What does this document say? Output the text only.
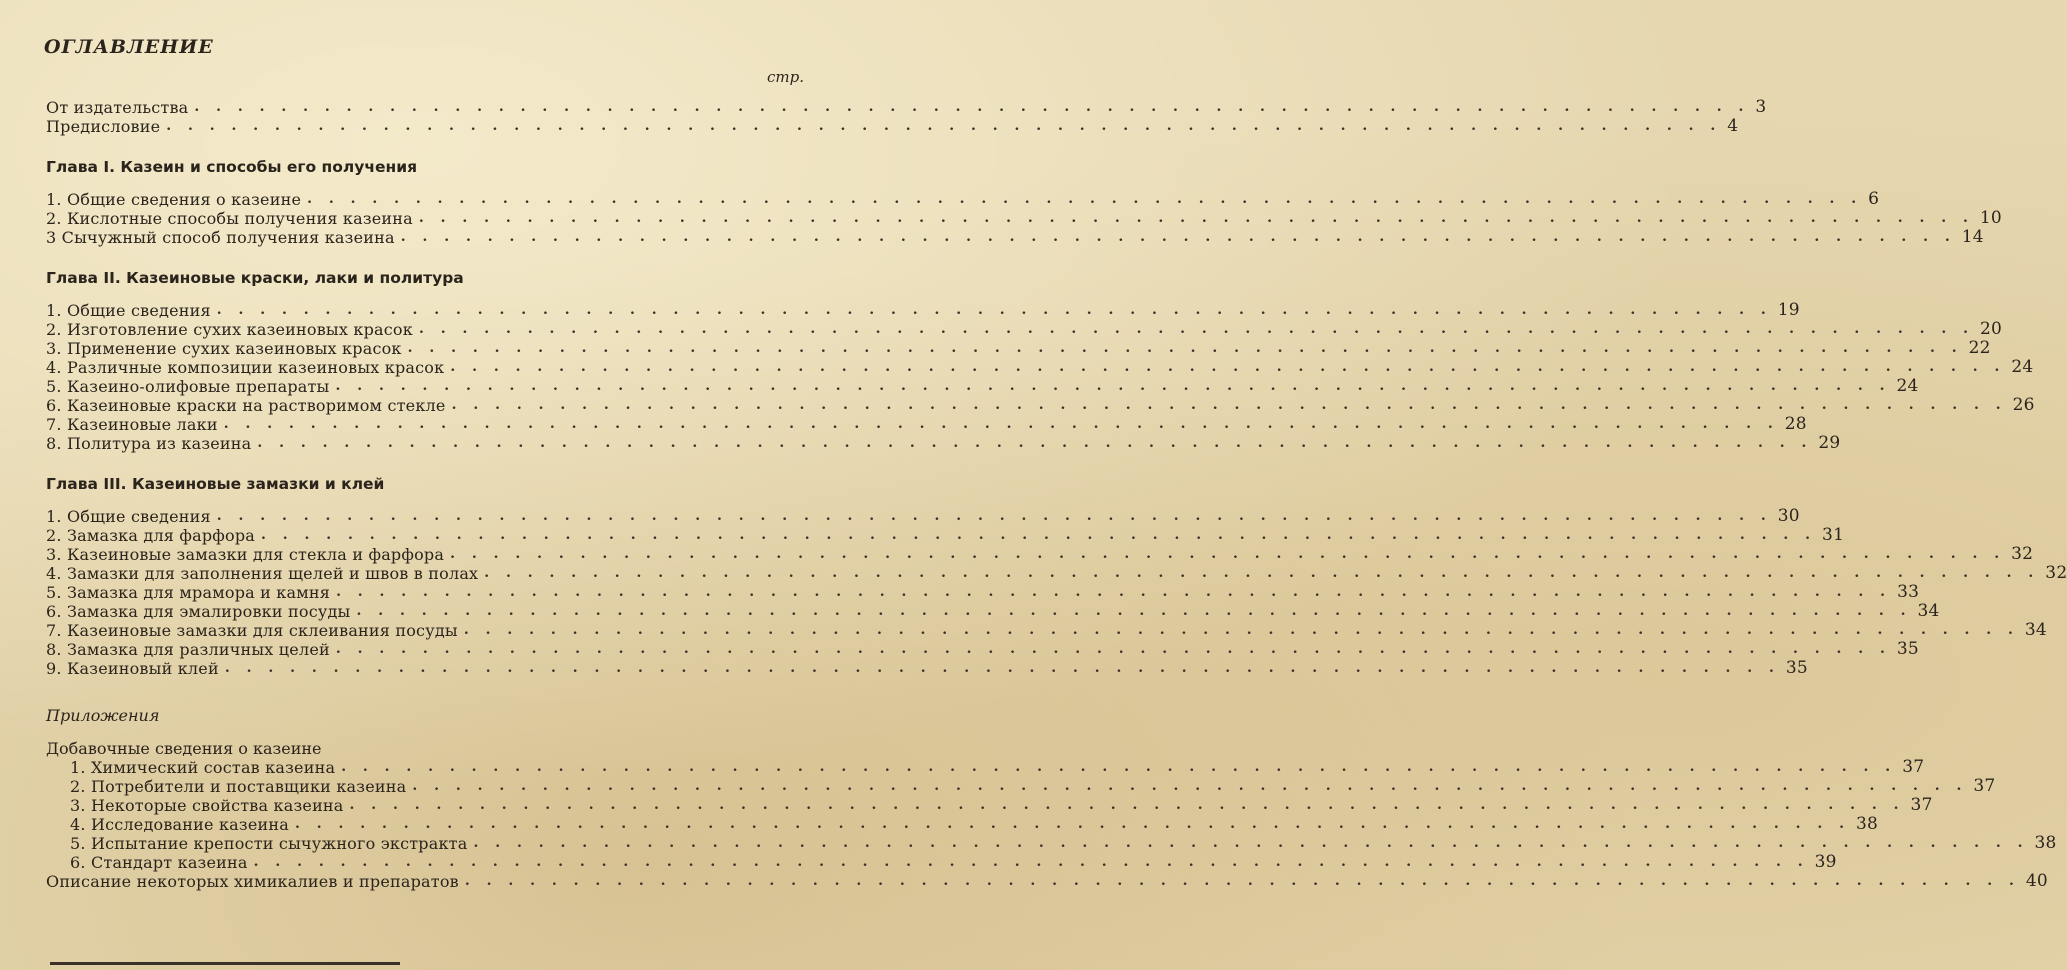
ОГЛАВЛЕНИЕ
стр.
От издательства . . . . . . . . . . . . . . . . . . . . . . . . . . . . . . . . . . . . . . . . . . . . . . . . . . . . . . . . . . . . . . . . . . . . . . . . 3
Предисловие . . . . . . . . . . . . . . . . . . . . . . . . . . . . . . . . . . . . . . . . . . . . . . . . . . . . . . . . . . . . . . . . . . . . . . . . 4
Глава I. Казеин и способы его получения
1. Общие сведения о казеине . . . . . . . . . . . . . . . . . . . . . . . . . . . . . . . . . . . . . . . . . . . . . . . . . . . . . . . . . . . . . . . . . . . . . . . . 6
2. Кислотные способы получения казеина . . . . . . . . . . . . . . . . . . . . . . . . . . . . . . . . . . . . . . . . . . . . . . . . . . . . . . . . . . . . . . . . . . . . . . . . 10
3 Сычужный способ получения казеина . . . . . . . . . . . . . . . . . . . . . . . . . . . . . . . . . . . . . . . . . . . . . . . . . . . . . . . . . . . . . . . . . . . . . . . . 14
Глава II. Казеиновые краски, лаки и политура
1. Общие сведения . . . . . . . . . . . . . . . . . . . . . . . . . . . . . . . . . . . . . . . . . . . . . . . . . . . . . . . . . . . . . . . . . . . . . . . . 19
2. Изготовление сухих казеиновых красок . . . . . . . . . . . . . . . . . . . . . . . . . . . . . . . . . . . . . . . . . . . . . . . . . . . . . . . . . . . . . . . . . . . . . . . . 20
3. Применение сухих казеиновых красок . . . . . . . . . . . . . . . . . . . . . . . . . . . . . . . . . . . . . . . . . . . . . . . . . . . . . . . . . . . . . . . . . . . . . . . . 22
4. Различные композиции казеиновых красок . . . . . . . . . . . . . . . . . . . . . . . . . . . . . . . . . . . . . . . . . . . . . . . . . . . . . . . . . . . . . . . . . . . . . . . . 24
5. Казеино-олифовые препараты . . . . . . . . . . . . . . . . . . . . . . . . . . . . . . . . . . . . . . . . . . . . . . . . . . . . . . . . . . . . . . . . . . . . . . . . 24
6. Казеиновые краски на растворимом стекле . . . . . . . . . . . . . . . . . . . . . . . . . . . . . . . . . . . . . . . . . . . . . . . . . . . . . . . . . . . . . . . . . . . . . . . . 26
7. Казеиновые лаки . . . . . . . . . . . . . . . . . . . . . . . . . . . . . . . . . . . . . . . . . . . . . . . . . . . . . . . . . . . . . . . . . . . . . . . . 28
8. Политура из казеина . . . . . . . . . . . . . . . . . . . . . . . . . . . . . . . . . . . . . . . . . . . . . . . . . . . . . . . . . . . . . . . . . . . . . . . . 29
Глава III. Казеиновые замазки и клей
1. Общие сведения . . . . . . . . . . . . . . . . . . . . . . . . . . . . . . . . . . . . . . . . . . . . . . . . . . . . . . . . . . . . . . . . . . . . . . . . 30
2. Замазка для фарфора . . . . . . . . . . . . . . . . . . . . . . . . . . . . . . . . . . . . . . . . . . . . . . . . . . . . . . . . . . . . . . . . . . . . . . . . 31
3. Казеиновые замазки для стекла и фарфора . . . . . . . . . . . . . . . . . . . . . . . . . . . . . . . . . . . . . . . . . . . . . . . . . . . . . . . . . . . . . . . . . . . . . . . . 32
4. Замазки для заполнения щелей и швов в полах . . . . . . . . . . . . . . . . . . . . . . . . . . . . . . . . . . . . . . . . . . . . . . . . . . . . . . . . . . . . . . . . . . . . . . . . 32
5. Замазка для мрамора и камня . . . . . . . . . . . . . . . . . . . . . . . . . . . . . . . . . . . . . . . . . . . . . . . . . . . . . . . . . . . . . . . . . . . . . . . . 33
6. Замазка для эмалировки посуды . . . . . . . . . . . . . . . . . . . . . . . . . . . . . . . . . . . . . . . . . . . . . . . . . . . . . . . . . . . . . . . . . . . . . . . . 34
7. Казеиновые замазки для склеивания посуды . . . . . . . . . . . . . . . . . . . . . . . . . . . . . . . . . . . . . . . . . . . . . . . . . . . . . . . . . . . . . . . . . . . . . . . . 34
8. Замазка для различных целей . . . . . . . . . . . . . . . . . . . . . . . . . . . . . . . . . . . . . . . . . . . . . . . . . . . . . . . . . . . . . . . . . . . . . . . . 35
9. Казеиновый клей . . . . . . . . . . . . . . . . . . . . . . . . . . . . . . . . . . . . . . . . . . . . . . . . . . . . . . . . . . . . . . . . . . . . . . . . 35
Приложения
Добавочные сведения о казеине
1. Химический состав казеина . . . . . . . . . . . . . . . . . . . . . . . . . . . . . . . . . . . . . . . . . . . . . . . . . . . . . . . . . . . . . . . . . . . . . . . . 37
2. Потребители и поставщики казеина . . . . . . . . . . . . . . . . . . . . . . . . . . . . . . . . . . . . . . . . . . . . . . . . . . . . . . . . . . . . . . . . . . . . . . . . 37
3. Некоторые свойства казеина . . . . . . . . . . . . . . . . . . . . . . . . . . . . . . . . . . . . . . . . . . . . . . . . . . . . . . . . . . . . . . . . . . . . . . . . 37
4. Исследование казеина . . . . . . . . . . . . . . . . . . . . . . . . . . . . . . . . . . . . . . . . . . . . . . . . . . . . . . . . . . . . . . . . . . . . . . . . 38
5. Испытание крепости сычужного экстракта . . . . . . . . . . . . . . . . . . . . . . . . . . . . . . . . . . . . . . . . . . . . . . . . . . . . . . . . . . . . . . . . . . . . . . . . 38
6. Стандарт казеина . . . . . . . . . . . . . . . . . . . . . . . . . . . . . . . . . . . . . . . . . . . . . . . . . . . . . . . . . . . . . . . . . . . . . . . . 39
Описание некоторых химикалиев и препаратов . . . . . . . . . . . . . . . . . . . . . . . . . . . . . . . . . . . . . . . . . . . . . . . . . . . . . . . . . . . . . . . . . . . . . . . . 40
